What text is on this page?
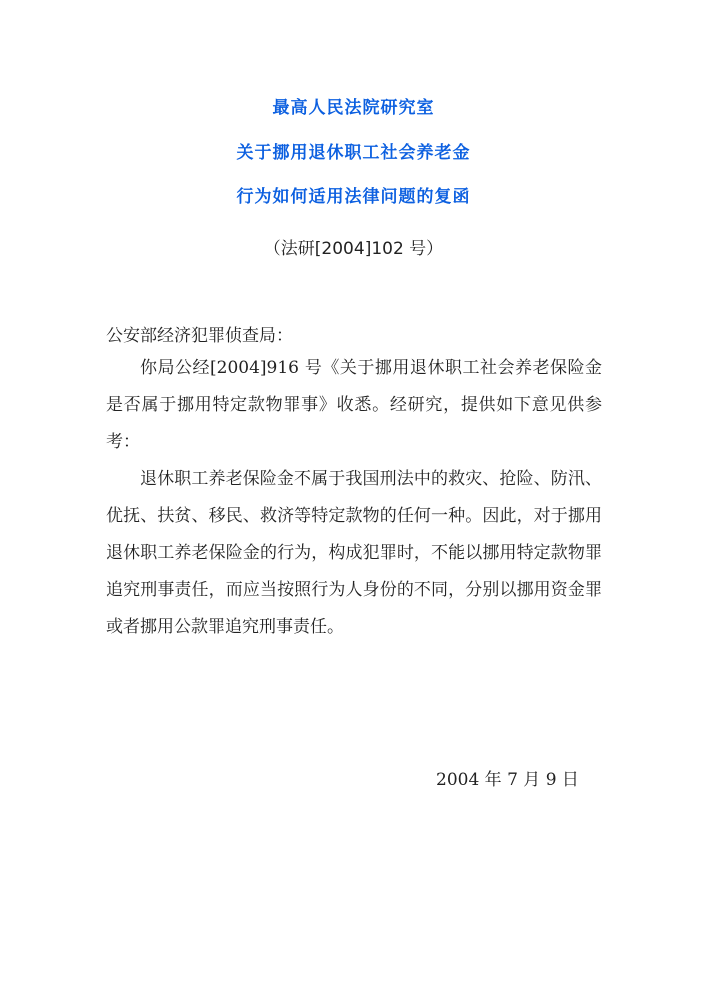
最高人民法院研究室
关于挪用退休职工社会养老金
行为如何适用法律问题的复函
（法研[2004]102 号）
公安部经济犯罪侦查局：

你局公经[2004]916 号《关于挪用退休职工社会养老保险金是否属于挪用特定款物罪事》收悉。经研究，提供如下意见供参考：

退休职工养老保险金不属于我国刑法中的救灾、抢险、防汛、优抚、扶贫、移民、救济等特定款物的任何一种。因此，对于挪用退休职工养老保险金的行为，构成犯罪时，不能以挪用特定款物罪追究刑事责任，而应当按照行为人身份的不同，分别以挪用资金罪或者挪用公款罪追究刑事责任。

2004 年 7 月 9 日
